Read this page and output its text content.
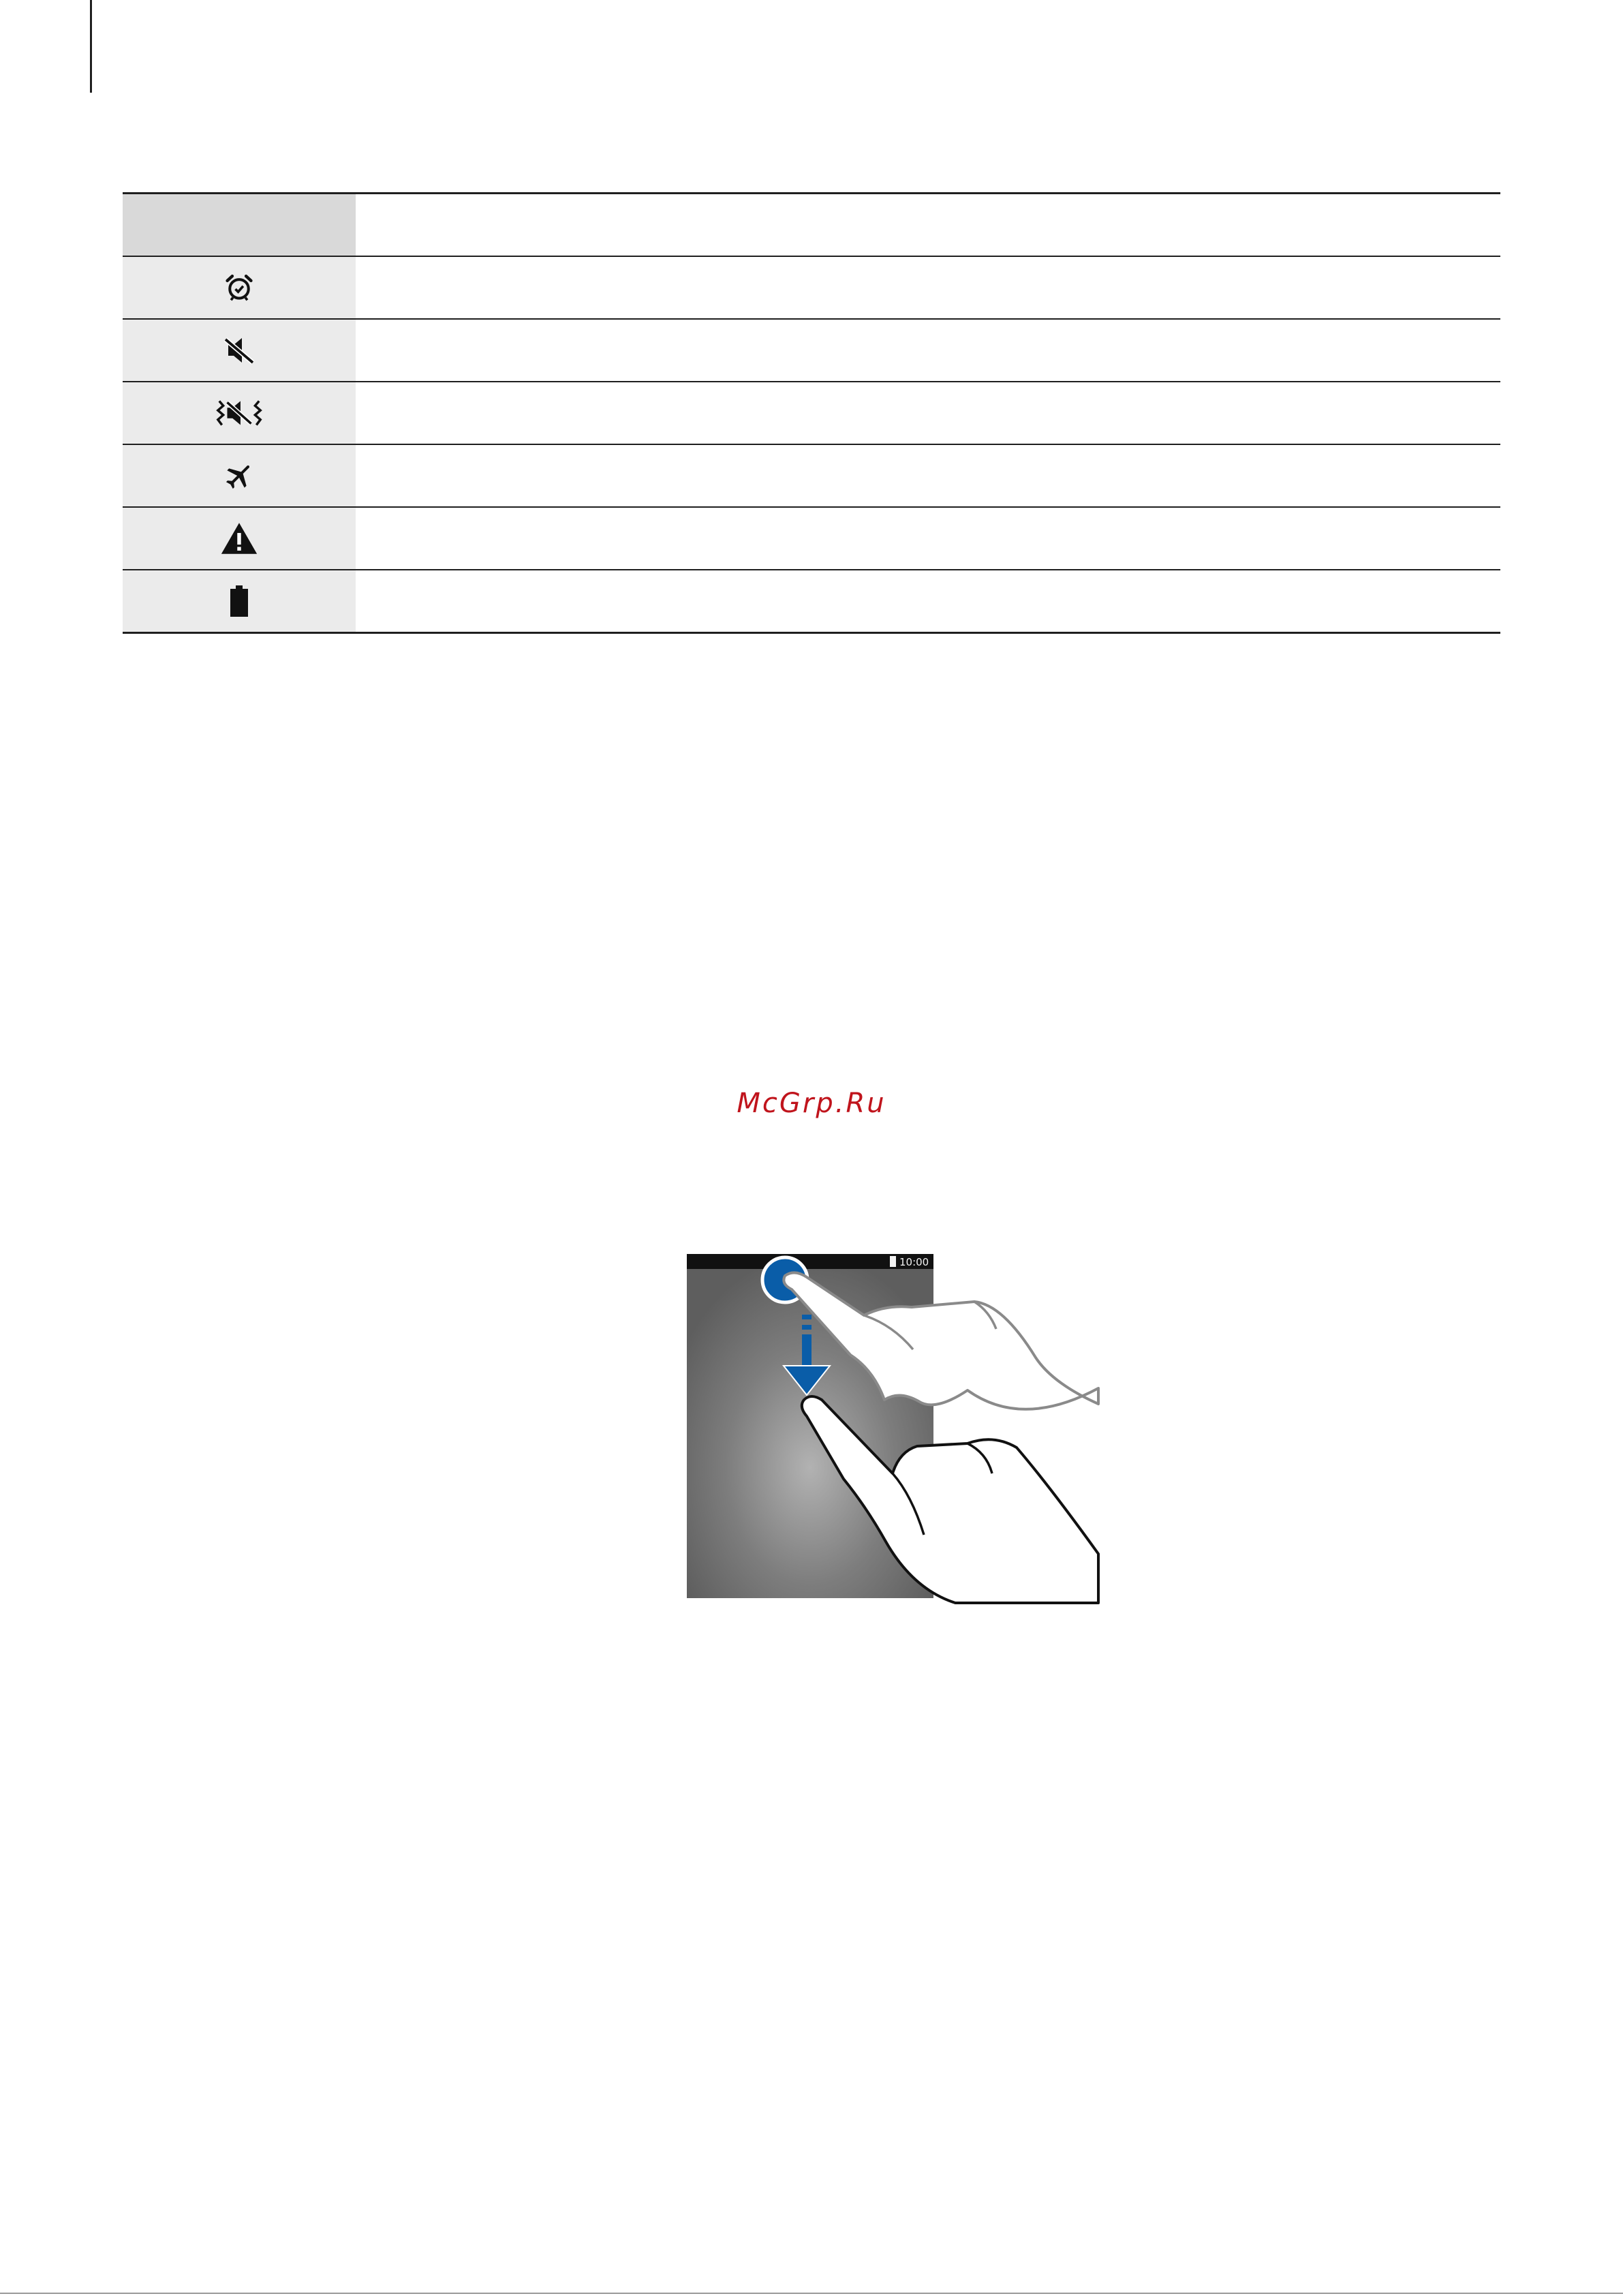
McGrp.Ru
10:00
